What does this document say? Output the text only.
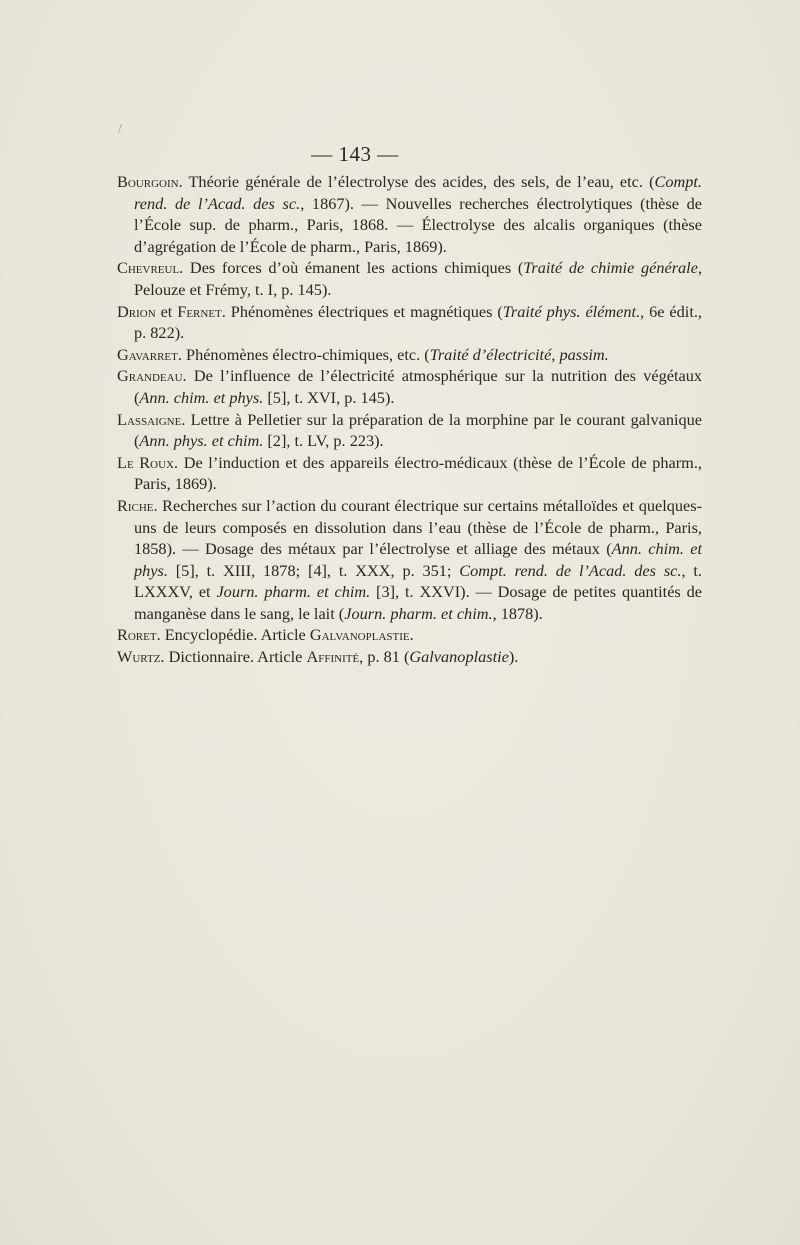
/
— 143 —
Bourgoin. Théorie générale de l’électrolyse des acides, des sels, de l’eau, etc. (Compt. rend. de l’Acad. des sc., 1867). — Nouvelles recherches électrolytiques (thèse de l’École sup. de pharm., Paris, 1868. — Électrolyse des alcalis organiques (thèse d’agrégation de l’École de pharm., Paris, 1869).
Chevreul. Des forces d’où émanent les actions chimiques (Traité de chimie générale, Pelouze et Frémy, t. I, p. 145).
Drion et Fernet. Phénomènes électriques et magnétiques (Traité phys. élément., 6e édit., p. 822).
Gavarret. Phénomènes électro-chimiques, etc. (Traité d’électricité, passim.
Grandeau. De l’influence de l’électricité atmosphérique sur la nutrition des végétaux (Ann. chim. et phys. [5], t. XVI, p. 145).
Lassaigne. Lettre à Pelletier sur la préparation de la morphine par le courant galvanique (Ann. phys. et chim. [2], t. LV, p. 223).
Le Roux. De l’induction et des appareils électro-médicaux (thèse de l’École de pharm., Paris, 1869).
Riche. Recherches sur l’action du courant électrique sur certains métalloïdes et quelques-uns de leurs composés en dissolution dans l’eau (thèse de l’École de pharm., Paris, 1858). — Dosage des métaux par l’électrolyse et alliage des métaux (Ann. chim. et phys. [5], t. XIII, 1878; [4], t. XXX, p. 351; Compt. rend. de l’Acad. des sc., t. LXXXV, et Journ. pharm. et chim. [3], t. XXVI). — Dosage de petites quantités de manganèse dans le sang, le lait (Journ. pharm. et chim., 1878).
Roret. Encyclopédie. Article Galvanoplastie.
Wurtz. Dictionnaire. Article Affinité, p. 81 (Galvanoplastie).
